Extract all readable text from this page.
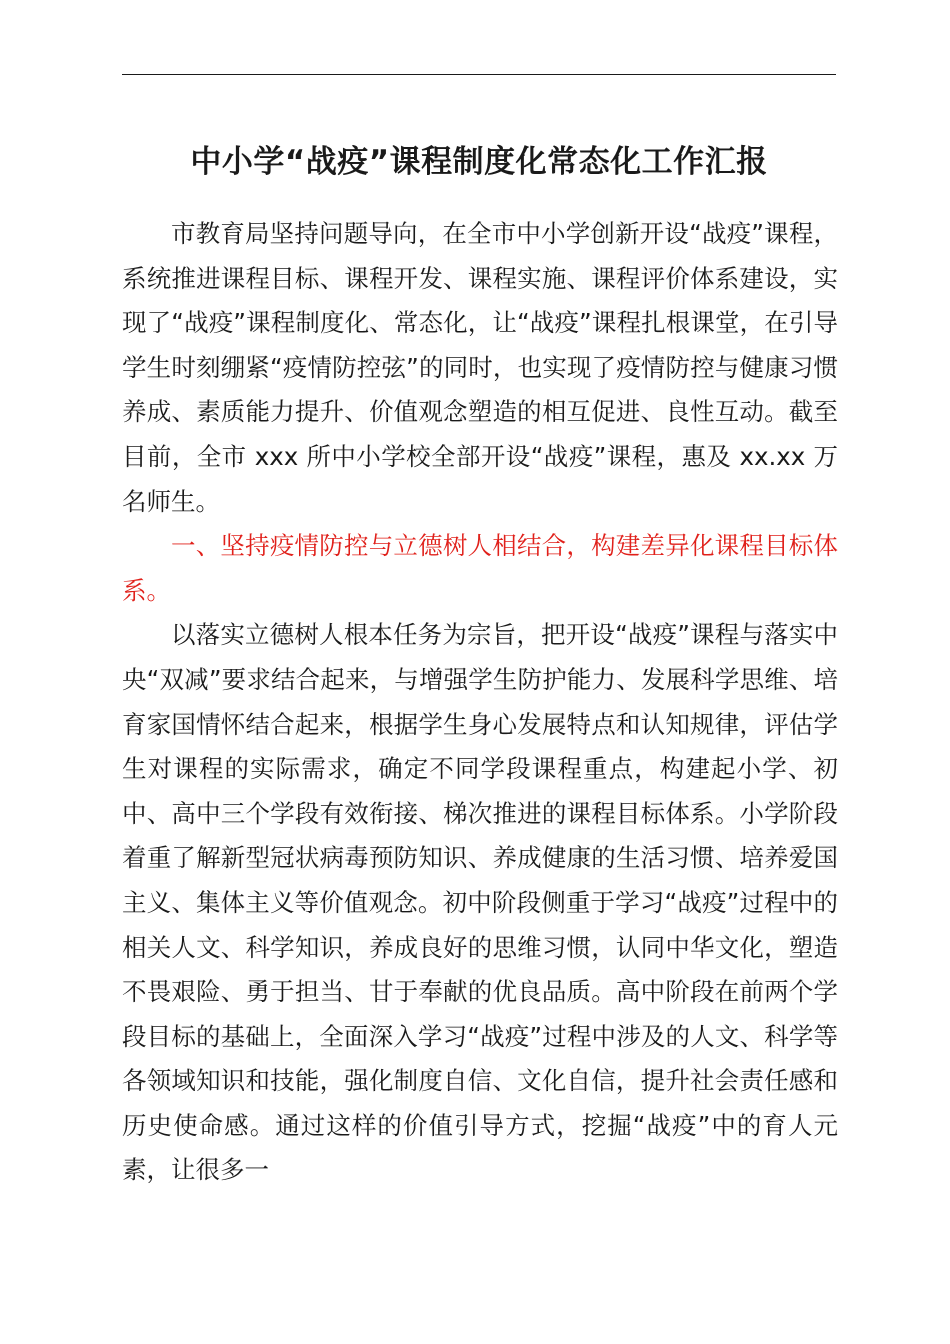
中小学“战疫”课程制度化常态化工作汇报

市教育局坚持问题导向，在全市中小学创新开设“战疫”课程，系统推进课程目标、课程开发、课程实施、课程评价体系建设，实现了“战疫”课程制度化、常态化，让“战疫”课程扎根课堂，在引导学生时刻绷紧“疫情防控弦”的同时，也实现了疫情防控与健康习惯养成、素质能力提升、价值观念塑造的相互促进、良性互动。截至目前，全市 xxx 所中小学校全部开设“战疫”课程，惠及 xx.xx 万名师生。

一、坚持疫情防控与立德树人相结合，构建差异化课程目标体系。

以落实立德树人根本任务为宗旨，把开设“战疫”课程与落实中央“双减”要求结合起来，与增强学生防护能力、发展科学思维、培育家国情怀结合起来，根据学生身心发展特点和认知规律，评估学生对课程的实际需求，确定不同学段课程重点，构建起小学、初中、高中三个学段有效衔接、梯次推进的课程目标体系。小学阶段着重了解新型冠状病毒预防知识、养成健康的生活习惯、培养爱国主义、集体主义等价值观念。初中阶段侧重于学习“战疫”过程中的相关人文、科学知识，养成良好的思维习惯，认同中华文化，塑造不畏艰险、勇于担当、甘于奉献的优良品质。高中阶段在前两个学段目标的基础上，全面深入学习“战疫”过程中涉及的人文、科学等各领域知识和技能，强化制度自信、文化自信，提升社会责任感和历史使命感。通过这样的价值引导方式，挖掘“战疫”中的育人元素，让很多一
